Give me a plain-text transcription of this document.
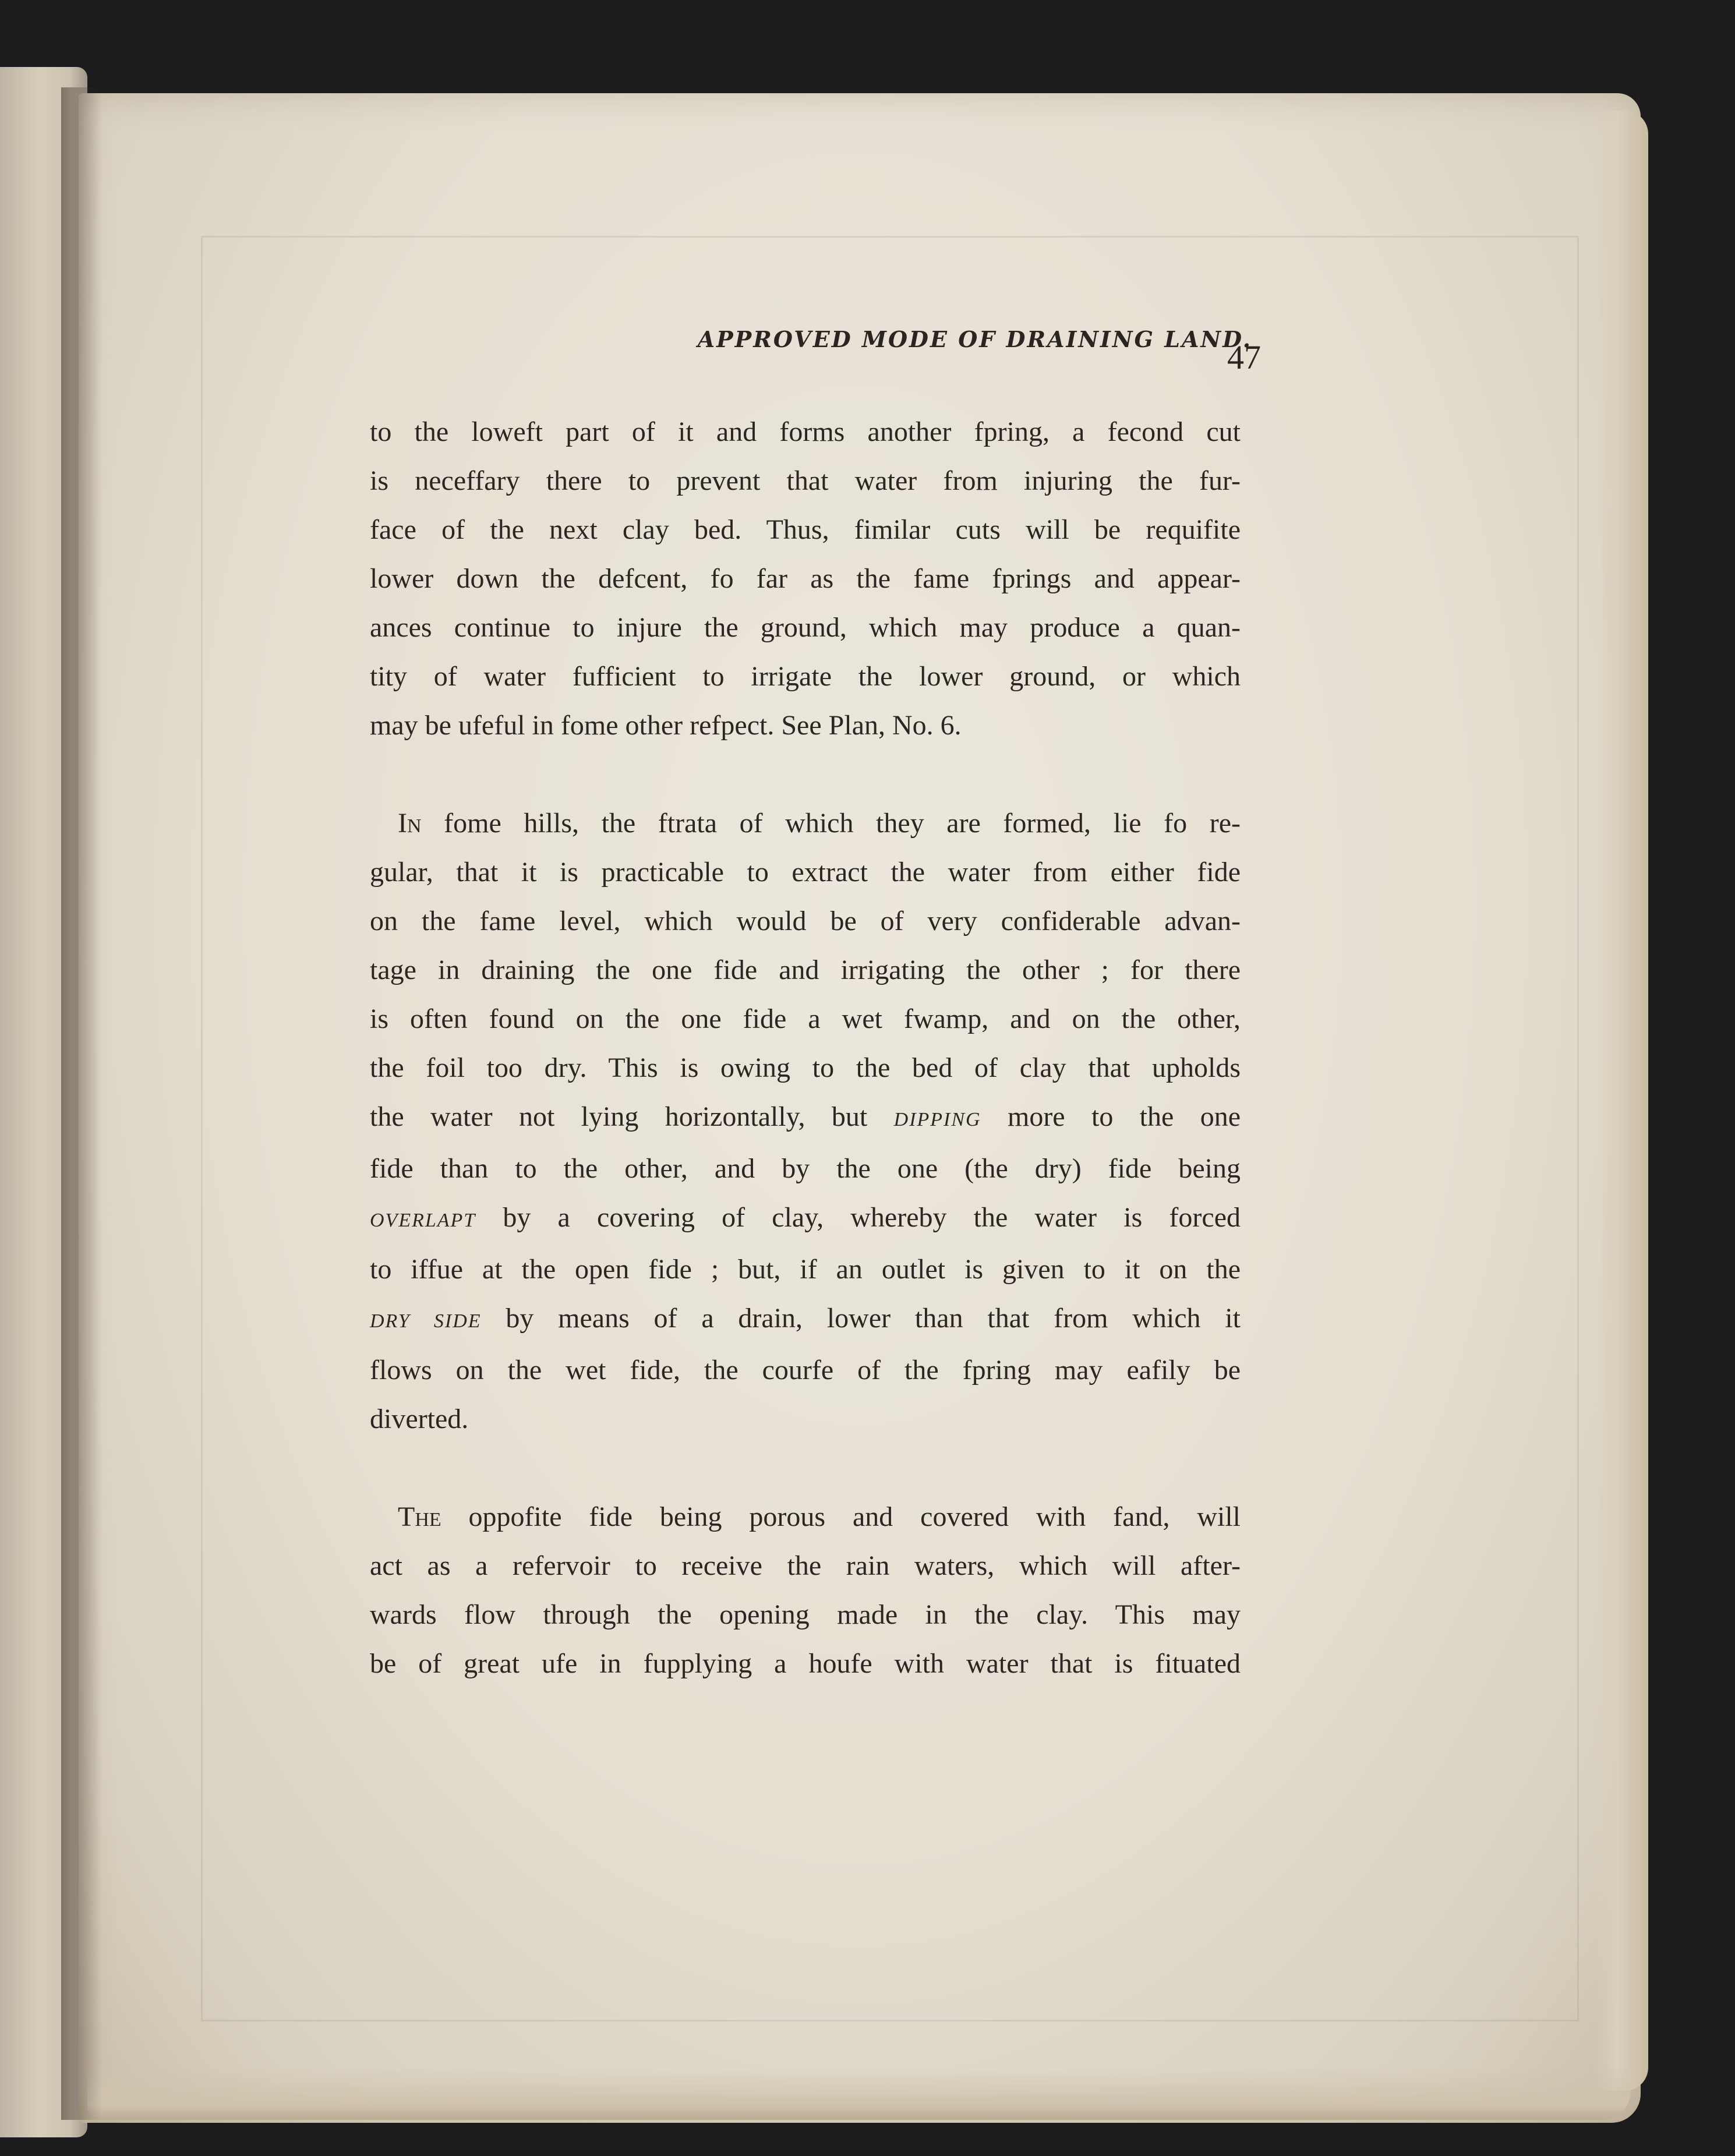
APPROVED MODE OF DRAINING LAND.
47

to the loweft part of it and forms another fpring, a fecond cut
is neceffary there to prevent that water from injuring the fur-
face of the next clay bed. Thus, fimilar cuts will be requifite
lower down the defcent, fo far as the fame fprings and appear-
ances continue to injure the ground, which may produce a quan-
tity of water fufficient to irrigate the lower ground, or which
may be ufeful in fome other refpect. See Plan, No. 6.

In fome hills, the ftrata of which they are formed, lie fo re-
gular, that it is practicable to extract the water from either fide
on the fame level, which would be of very confiderable advan-
tage in draining the one fide and irrigating the other ; for there
is often found on the one fide a wet fwamp, and on the other,
the foil too dry. This is owing to the bed of clay that upholds
the water not lying horizontally, but DIPPING more to the one
fide than to the other, and by the one (the dry) fide being
OVERLAPT by a covering of clay, whereby the water is forced
to iffue at the open fide ; but, if an outlet is given to it on the
DRY SIDE by means of a drain, lower than that from which it
flows on the wet fide, the courfe of the fpring may eafily be
diverted.

The oppofite fide being porous and covered with fand, will
act as a refervoir to receive the rain waters, which will after-
wards flow through the opening made in the clay. This may
be of great ufe in fupplying a houfe with water that is fituated
